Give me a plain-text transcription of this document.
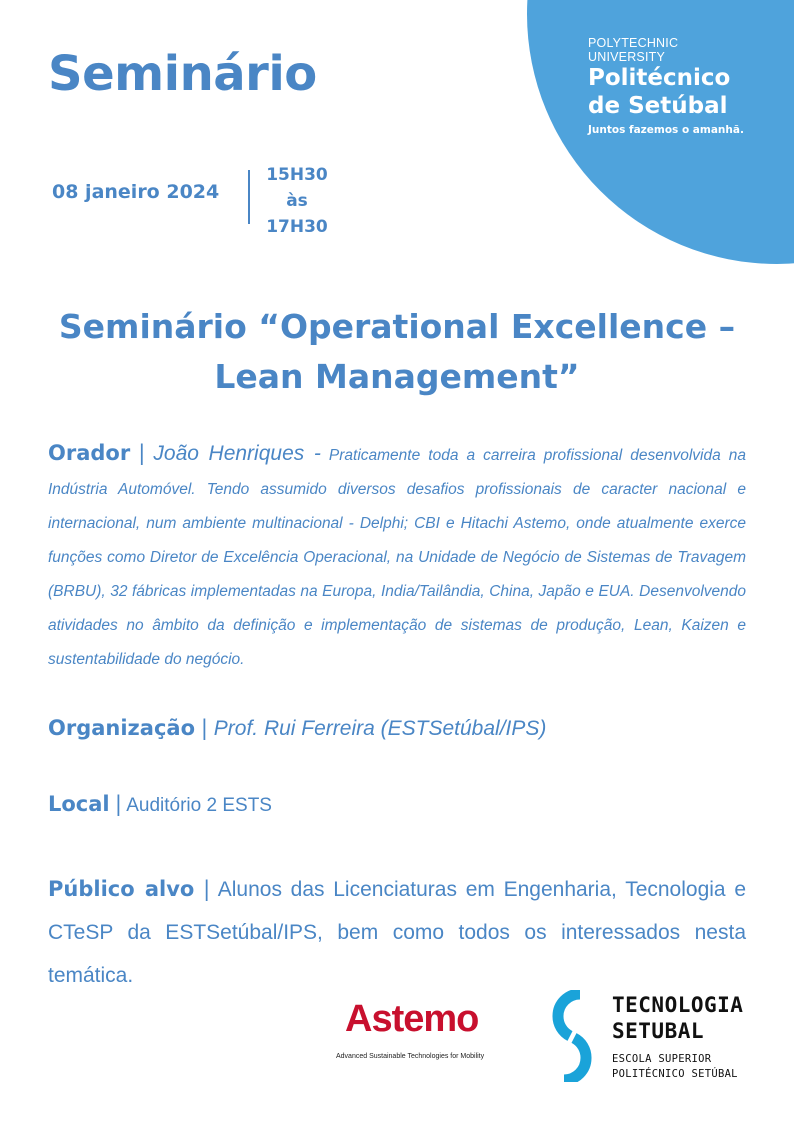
POLYTECHNIC UNIVERSITY
Politécnico
de Setúbal
Juntos fazemos o amanhã.
Seminário
08 janeiro 2024
15H30
às
17H30
Seminário “Operational Excellence –
Lean Management”

Orador | João Henriques - Praticamente toda a carreira profissional desenvolvida na Indústria Automóvel. Tendo assumido diversos desafios profissionais de caracter nacional e internacional, num ambiente multinacional - Delphi; CBI e Hitachi Astemo, onde atualmente exerce funções como Diretor de Excelência Operacional, na Unidade de Negócio de Sistemas de Travagem (BRBU), 32 fábricas implementadas na Europa, India/Tailândia, China, Japão e EUA. Desenvolvendo atividades no âmbito da definição e implementação de sistemas de produção, Lean, Kaizen e sustentabilidade do negócio.

Organização | Prof. Rui Ferreira (ESTSetúbal/IPS)

Local | Auditório 2 ESTS

Público alvo | Alunos das Licenciaturas em Engenharia, Tecnologia e CTeSP da ESTSetúbal/IPS, bem como todos os interessados nesta temática.

Astemo
Advanced Sustainable Technologies for Mobility
TECNOLOGIA
SETUBAL
ESCOLA SUPERIOR
POLITÉCNICO SETÚBAL
